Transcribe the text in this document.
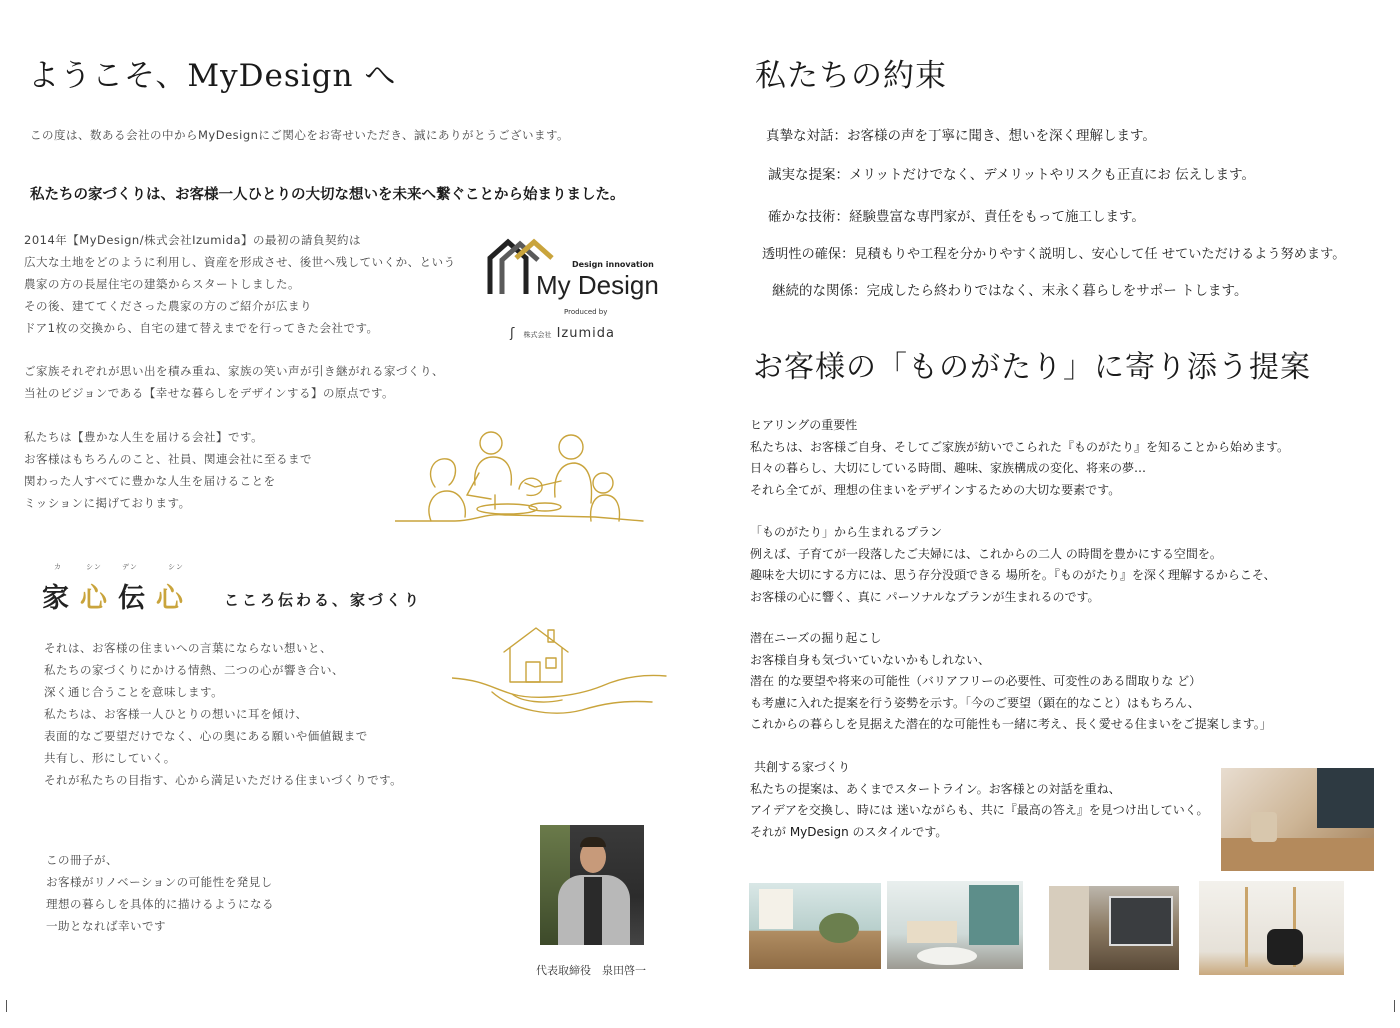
ようこそ、MyDesign へ
この度は、数ある会社の中からMyDesignにご関心をお寄せいただき、誠にありがとうございます。
私たちの家づくりは、お客様一人ひとりの大切な想いを未来へ繋ぐことから始まりました。
2014年【MyDesign/株式会社Izumida】の最初の請負契約は
広大な土地をどのように利用し、資産を形成させ、後世へ残していくか、という
農家の方の長屋住宅の建築からスタートしました。
その後、建ててくださった農家の方のご紹介が広まり
ドア1枚の交換から、自宅の建て替えまでを行ってきた会社です。
ご家族それぞれが思い出を積み重ね、家族の笑い声が引き継がれる家づくり、
当社のビジョンである【幸せな暮らしをデザインする】の原点です。
私たちは【豊かな人生を届ける会社】です。
お客様はもちろんのこと、社員、関連会社に至るまで
関わった人すべてに豊かな人生を届けることを
ミッションに掲げております。
Design innovation
My Design
Produced by
ʃ 株式会社 Izumida
カ	シン	デン	シン
家 心 伝 心	こころ伝わる、家づくり
それは、お客様の住まいへの言葉にならない想いと、
私たちの家づくりにかける情熱、二つの心が響き合い、
深く通じ合うことを意味します。
私たちは、お客様一人ひとりの想いに耳を傾け、
表面的なご要望だけでなく、心の奥にある願いや価値観まで
共有し、形にしていく。
それが私たちの目指す、心から満足いただける住まいづくりです。
この冊子が、
お客様がリノベーションの可能性を発見し
理想の暮らしを具体的に描けるようになる
一助となれば幸いです
代表取締役　泉田啓一
私たちの約束
真摯な対話：お客様の声を丁寧に聞き、想いを深く理解します。
誠実な提案：メリットだけでなく、デメリットやリスクも正直にお 伝えします。
確かな技術：経験豊富な専門家が、責任をもって施工します。
透明性の確保：見積もりや工程を分かりやすく説明し、安心して任 せていただけるよう努めます。
継続的な関係：完成したら終わりではなく、末永く暮らしをサポー トします。
お客様の「ものがたり」に寄り添う提案
ヒアリングの重要性
私たちは、お客様ご自身、そしてご家族が紡いでこられた『ものがたり』を知ることから始めます。
日々の暮らし、大切にしている時間、趣味、家族構成の変化、将来の夢…
それら全てが、理想の住まいをデザインするための大切な要素です。
「ものがたり」から生まれるプラン
例えば、子育てが一段落したご夫婦には、これからの二人 の時間を豊かにする空間を。
趣味を大切にする方には、思う存分没頭できる 場所を。『ものがたり』を深く理解するからこそ、
お客様の心に響く、真に パーソナルなプランが生まれるのです。
潜在ニーズの掘り起こし
お客様自身も気づいていないかもしれない、
潜在 的な要望や将来の可能性（バリアフリーの必要性、可変性のある間取りな ど）
も考慮に入れた提案を行う姿勢を示す。「今のご要望（顕在的なこと）はもちろん、
これからの暮らしを見据えた潜在的な可能性も一緒に考え、長く愛せる住まいをご提案します。」
共創する家づくり
私たちの提案は、あくまでスタートライン。お客様との対話を重ね、
アイデアを交換し、時には 迷いながらも、共に『最高の答え』を見つけ出していく。
それが MyDesign のスタイルです。
